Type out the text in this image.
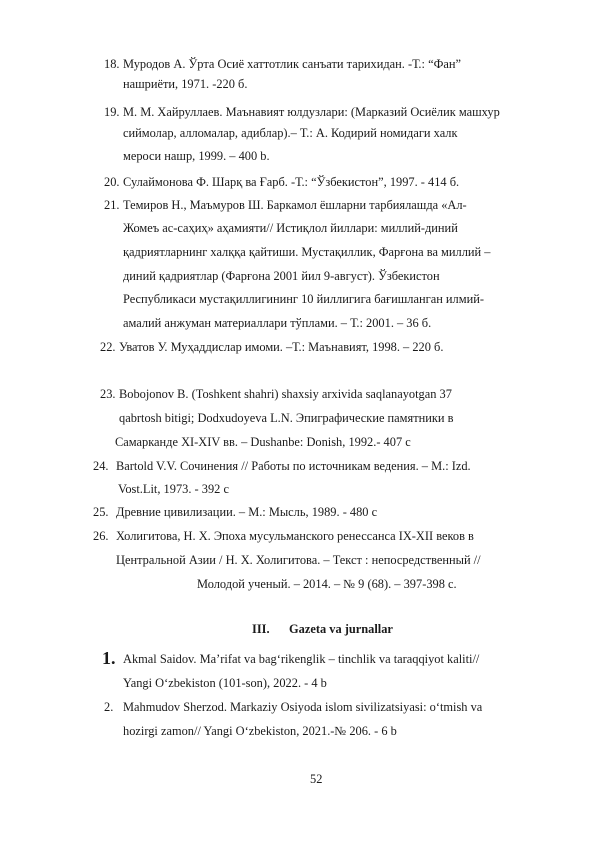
18. Муродов А. Ўрта Осиё хаттотлик санъати тарихидан. -Т.: “Фан”
нашриёти, 1971. -220 б.
19. М. М. Хайруллаев. Маънавият юлдузлари: (Марказий Осиёлик машхур
сиймолар, алломалар, адиблар).– Т.: А. Кодирий номидаги халк
мероси нашр, 1999. – 400 b.
20. Сулаймонова Ф. Шарқ ва Ғарб. -Т.: “Ўзбекистон”, 1997. - 414 б.
21. Темиров Н., Маъмуров Ш. Баркамол ёшларни тарбиялашда «Ал-
Жомеъ ас-саҳиҳ» аҳамияти// Истиқлол йиллари: миллий-диний
қадриятларнинг халққа қайтиши. Мустақиллик, Фарғона ва миллий –
диний қадриятлар (Фарғона 2001 йил 9-август). Ўзбекистон
Республикаси мустақиллигининг 10 йиллигига бағишланган илмий-
амалий анжуман материаллари тўплами. – Т.: 2001. – 36 б.
22. Уватов У. Муҳаддислар имоми. –Т.: Маънавият, 1998. – 220 б.
23. Bobojonov B. (Toshkent shahri) shaxsiy arxivida saqlanayotgan 37
qabrtosh bitigi; Dodxudoyeva L.N. Эпиграфические памятники в
Самарканде XI-XIV вв. – Dushanbe: Donish, 1992.- 407 c
24. Bartold V.V. Сочинения // Работы по источникам ведения. – M.: Izd.
Vost.Lit, 1973. - 392 c
25. Древние цивилизации. – М.: Мысль, 1989. - 480 с
26. Холигитова, Н. Х. Эпоха мусульманского ренессанса IX-XII веков в
Центральной Азии / Н. Х. Холигитова. – Текст : непосредственный //
Молодой ученый. – 2014. – № 9 (68). – 397-398 с.
III. Gazeta va jurnallar
1. Akmal Saidov. Ma’rifat va bag‘rikenglik – tinchlik va taraqqiyot kaliti//
Yangi O‘zbekiston (101-son), 2022. - 4 b
2. Mahmudov Sherzod. Markaziy Osiyoda islom sivilizatsiyasi: o‘tmish va
hozirgi zamon// Yangi O‘zbekiston, 2021.-№ 206. - 6 b
52
